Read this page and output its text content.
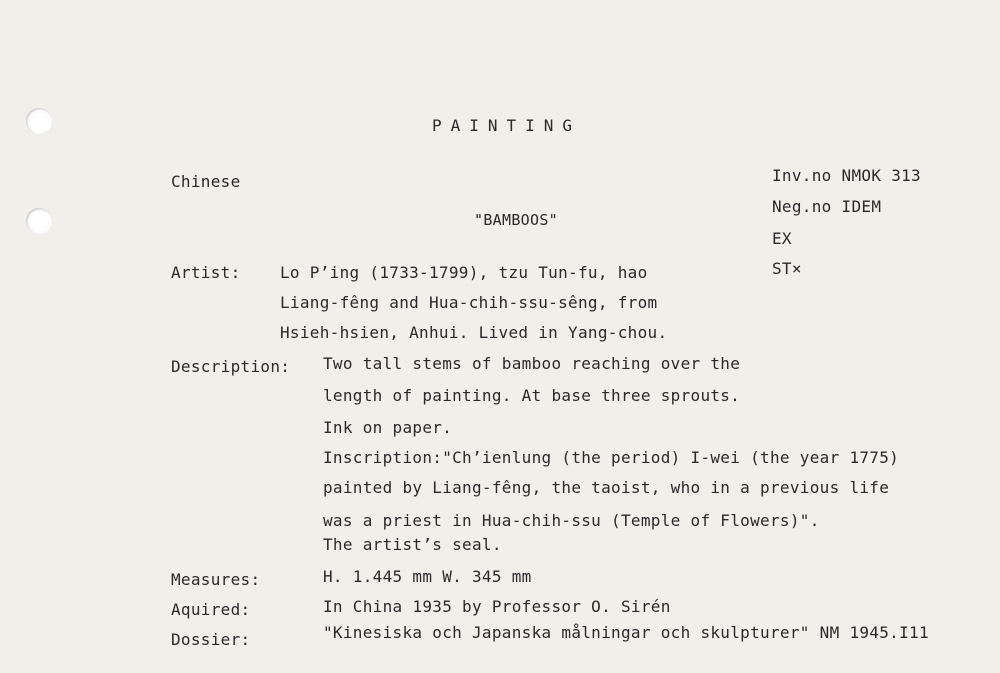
PAINTING
Chinese
"BAMBOOS"
Inv.no NMOK 313
Neg.no IDEM
EX
ST×
Artist: Lo P’ing (1733-1799), tzu Tun-fu, hao
Liang-fêng and Hua-chih-ssu-sêng, from
Hsieh-hsien, Anhui. Lived in Yang-chou.
Description: Two tall stems of bamboo reaching over the
length of painting. At base three sprouts.
Ink on paper.
Inscription:"Ch’ienlung (the period) I-wei (the year 1775)
painted by Liang-fêng, the taoist, who in a previous life
was a priest in Hua-chih-ssu (Temple of Flowers)".
The artist’s seal.
Measures:	H. 1.445 mm W. 345 mm
Aquired:	In China 1935 by Professor O. Sirén
Dossier:	"Kinesiska och Japanska målningar och skulpturer" NM 1945.I11
